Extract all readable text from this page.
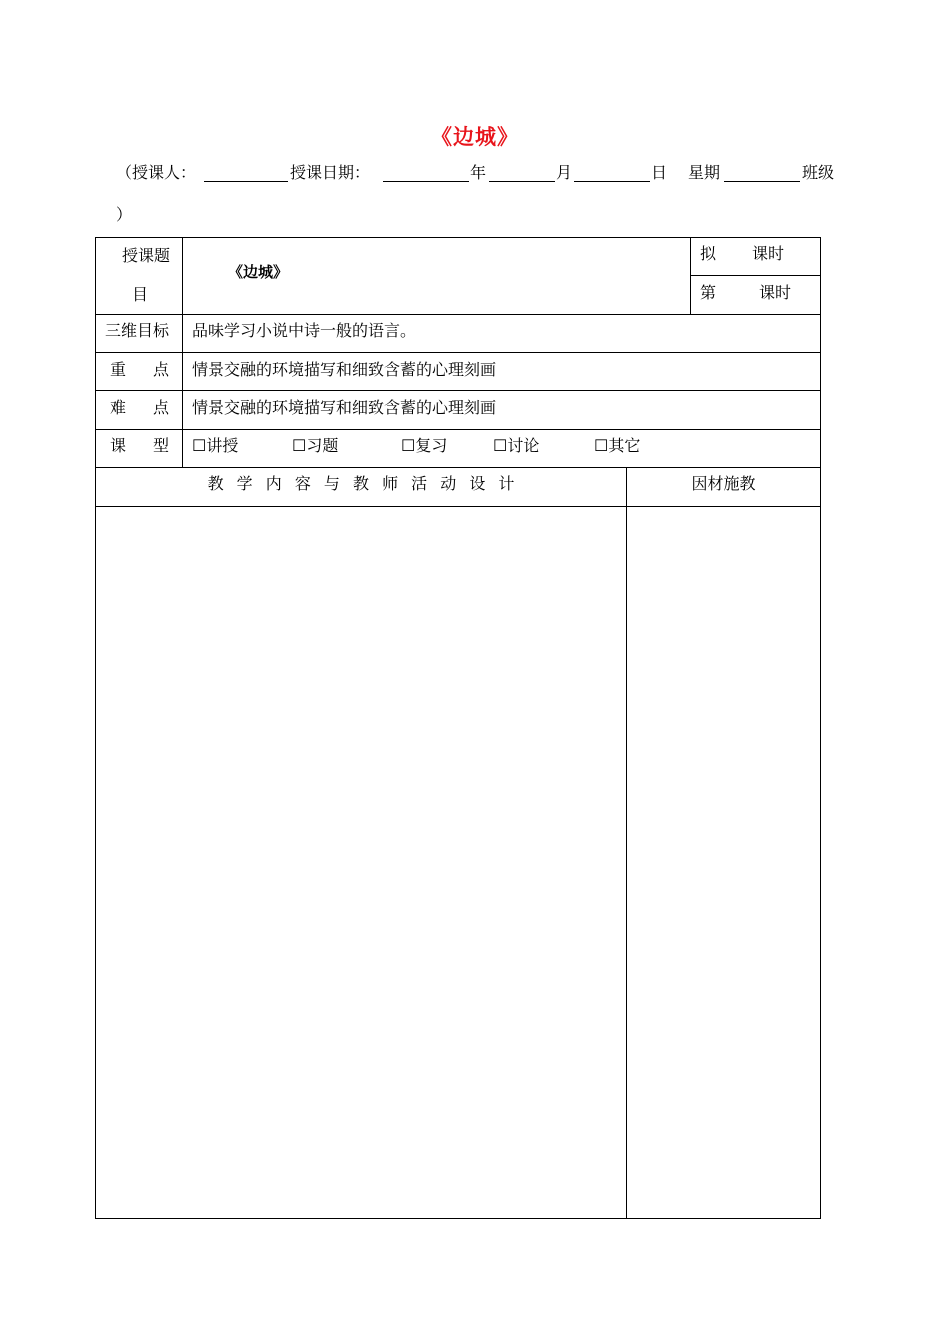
《边城》
（授课人：	授课日期：	年	月	日 星期	班级
）
授课题
目
《边城》
拟 课时
第	课时
三维目标 品味学习小说中诗一般的语言。
重 点 情景交融的环境描写和细致含蓄的心理刻画
难 点 情景交融的环境描写和细致含蓄的心理刻画
课 型 ☐讲授	☐习题	☐复习	☐讨论	☐其它
教 学 内 容 与 教 师 活 动 设 计	因材施教
